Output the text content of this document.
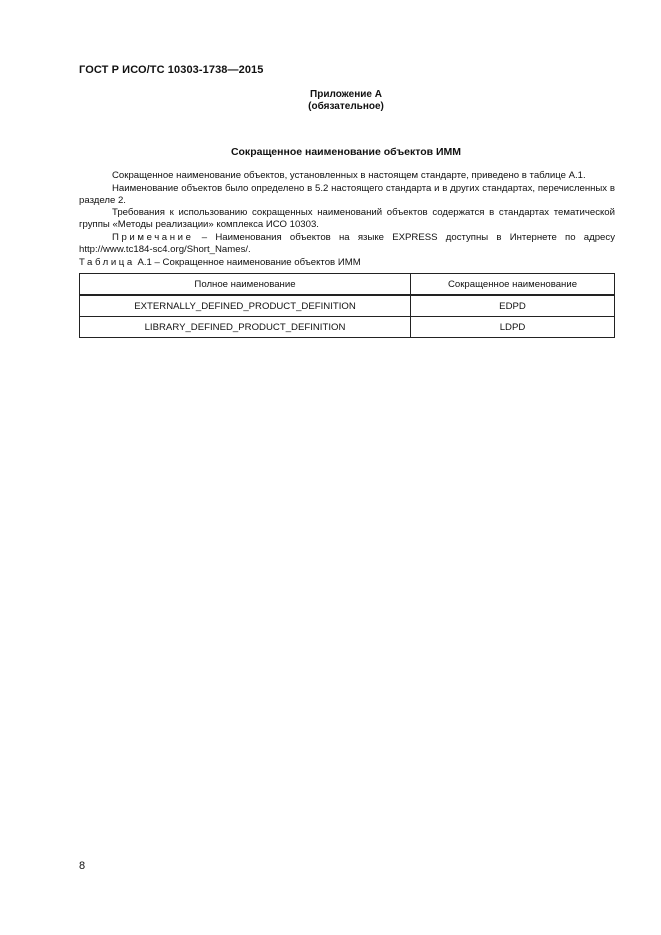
ГОСТ Р ИСО/ТС 10303-1738—2015
Приложение А
(обязательное)
Сокращенное наименование объектов ИММ

Сокращенное наименование объектов, установленных в настоящем стандарте, приведено в таблице А.1.

Наименование объектов было определено в 5.2 настоящего стандарта и в других стандартах, перечисленных в разделе 2.

Требования к использованию сокращенных наименований объектов содержатся в стандартах тематической группы «Методы реализации» комплекса ИСО 10303.

Примечание – Наименования объектов на языке EXPRESS доступны в Интернете по адресу http://www.tc184-sc4.org/Short_Names/.

Таблица А.1 – Сокращенное наименование объектов ИММ
Полное наименование	Сокращенное наименование
EXTERNALLY_DEFINED_PRODUCT_DEFINITION	EDPD
LIBRARY_DEFINED_PRODUCT_DEFINITION	LDPD
8
